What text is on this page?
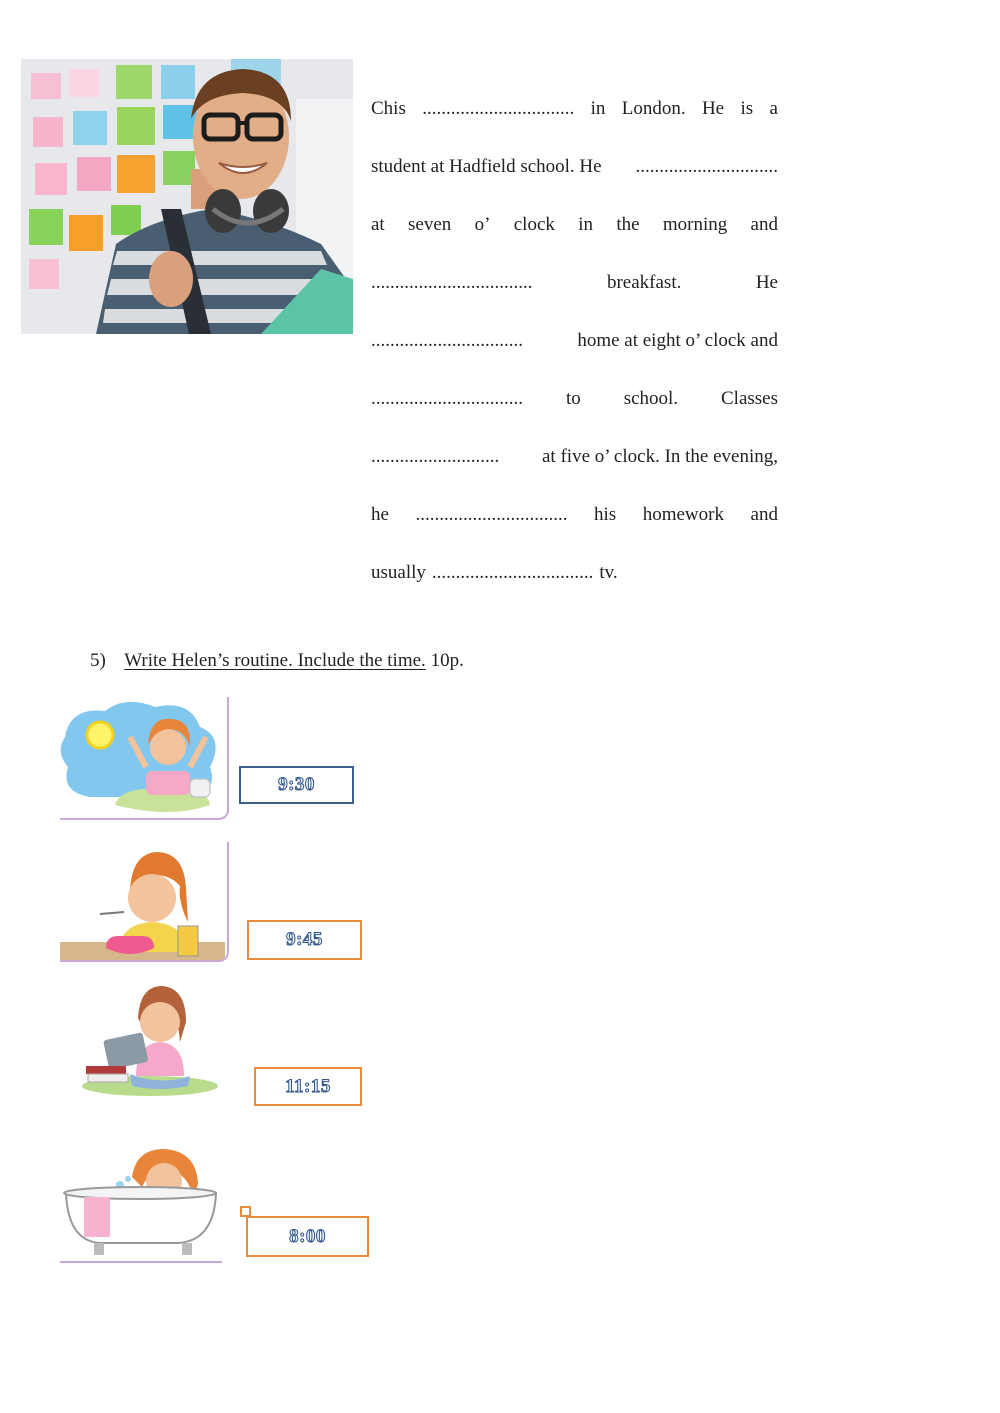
Chis ................................ in London. He is a
student at Hadfield school. He ..............................
at seven o’ clock in the morning and
..................................	breakfast.	He
................................	home at eight o’ clock and
................................ to school. Classes
........................... at five o’ clock. In the evening,
he ................................ his homework and
usually .................................. tv.
5) Write Helen’s routine. Include the time. 10p.
9:30
9:45
11:15
8:00
